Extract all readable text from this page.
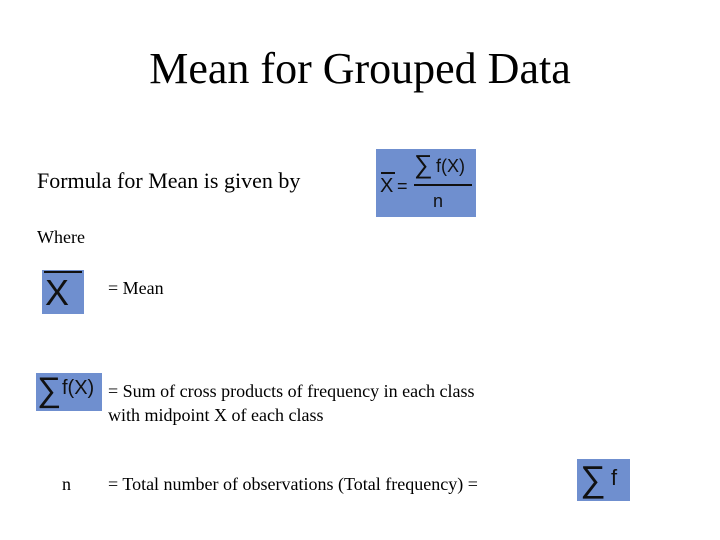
Mean for Grouped Data
Formula for Mean is given by	X =
∑ f(X)
n
Where
X = Mean
∑ f(X) = Sum of cross products of frequency in each class
with midpoint X of each class
n = Total number of observations (Total frequency) =	∑ f
